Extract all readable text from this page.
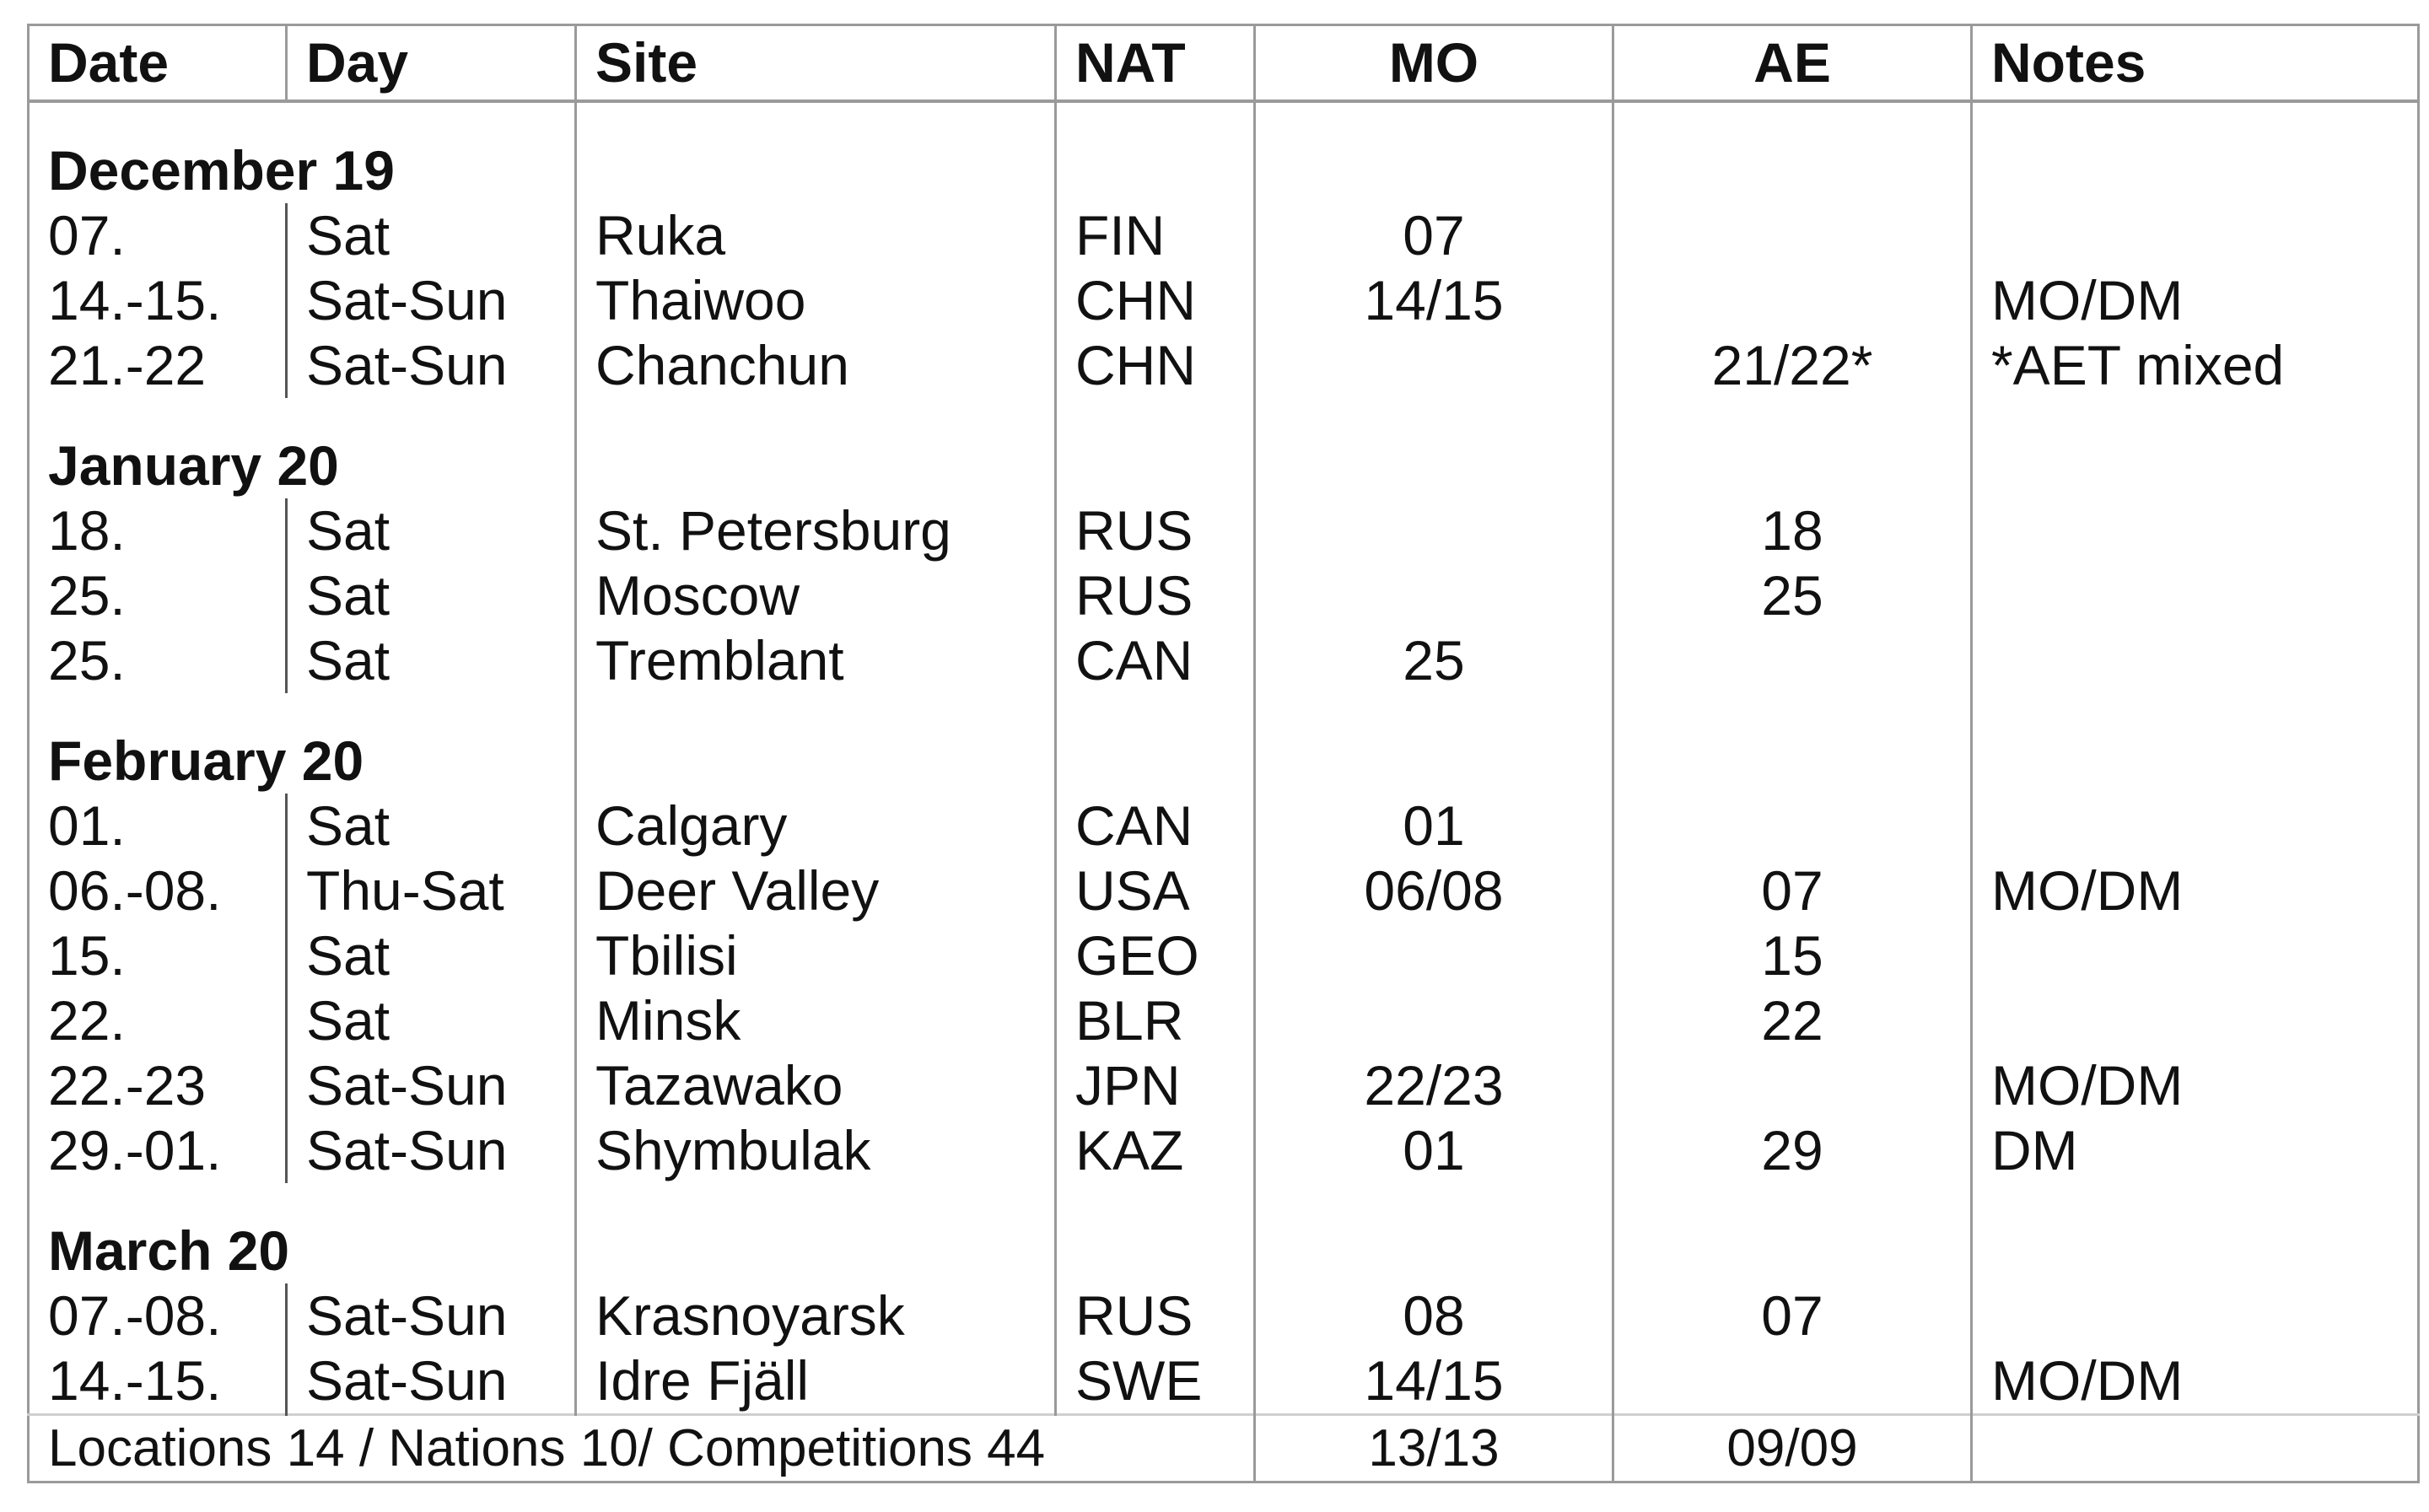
Date	Day	Site	NAT	MO	AE	Notes

December 19						
07.	Sat	Ruka	FIN	07		
14.-15.	Sat-Sun	Thaiwoo	CHN	14/15		MO/DM
21.-22	Sat-Sun	Chanchun	CHN		21/22*	*AET mixed

January 20						
18.	Sat	St. Petersburg	RUS		18	
25.	Sat	Moscow	RUS		25	
25.	Sat	Tremblant	CAN	25		

February 20						
01.	Sat	Calgary	CAN	01		
06.-08.	Thu-Sat	Deer Valley	USA	06/08	07	MO/DM
15.	Sat	Tbilisi	GEO		15	
22.	Sat	Minsk	BLR		22	
22.-23	Sat-Sun	Tazawako	JPN	22/23		MO/DM
29.-01.	Sat-Sun	Shymbulak	KAZ	01	29	DM

March 20						
07.-08.	Sat-Sun	Krasnoyarsk	RUS	08	07	
14.-15.	Sat-Sun	Idre Fjäll	SWE	14/15		MO/DM
Locations 14 / Nations 10/ Competitions 44				13/13	09/09	
